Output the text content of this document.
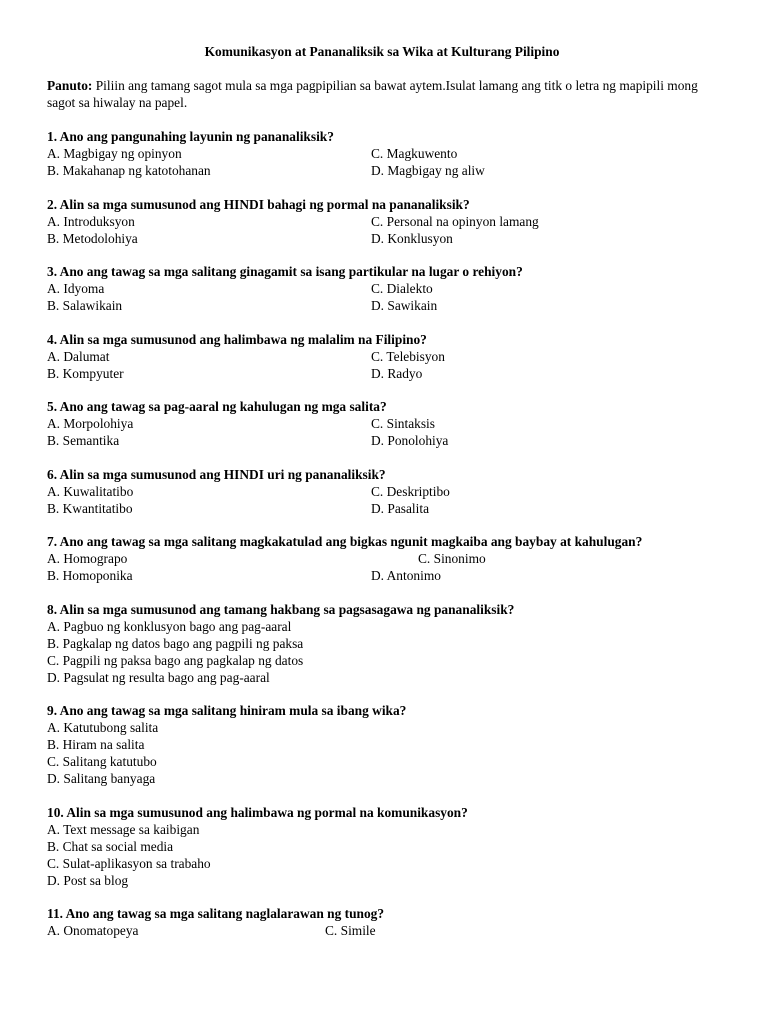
Komunikasyon at Pananaliksik sa Wika at Kulturang Pilipino
Panuto: Piliin ang tamang sagot mula sa mga pagpipilian sa bawat aytem.Isulat lamang ang titk o letra ng mapipili mong sagot sa hiwalay na papel.
1. Ano ang pangunahing layunin ng pananaliksik?
A. Magbigay ng opinyon	C. Magkuwento
B. Makahanap ng katotohanan	D. Magbigay ng aliw
2. Alin sa mga sumusunod ang HINDI bahagi ng pormal na pananaliksik?
A. Introduksyon	C. Personal na opinyon lamang
B. Metodolohiya	D. Konklusyon
3. Ano ang tawag sa mga salitang ginagamit sa isang partikular na lugar o rehiyon?
A. Idyoma	C. Dialekto
B. Salawikain	D. Sawikain
4. Alin sa mga sumusunod ang halimbawa ng malalim na Filipino?
A. Dalumat	C. Telebisyon
B. Kompyuter	D. Radyo
5. Ano ang tawag sa pag-aaral ng kahulugan ng mga salita?
A. Morpolohiya	C. Sintaksis
B. Semantika	D. Ponolohiya
6. Alin sa mga sumusunod ang HINDI uri ng pananaliksik?
A. Kuwalitatibo	C. Deskriptibo
B. Kwantitatibo	D. Pasalita
7. Ano ang tawag sa mga salitang magkakatulad ang bigkas ngunit magkaiba ang baybay at kahulugan?
A. Homograpo	C. Sinonimo
B. Homoponika	D. Antonimo
8. Alin sa mga sumusunod ang tamang hakbang sa pagsasagawa ng pananaliksik?
A. Pagbuo ng konklusyon bago ang pag-aaral
B. Pagkalap ng datos bago ang pagpili ng paksa
C. Pagpili ng paksa bago ang pagkalap ng datos
D. Pagsulat ng resulta bago ang pag-aaral
9. Ano ang tawag sa mga salitang hiniram mula sa ibang wika?
A. Katutubong salita
B. Hiram na salita
C. Salitang katutubo
D. Salitang banyaga
10. Alin sa mga sumusunod ang halimbawa ng pormal na komunikasyon?
A. Text message sa kaibigan
B. Chat sa social media
C. Sulat-aplikasyon sa trabaho
D. Post sa blog
11. Ano ang tawag sa mga salitang naglalarawan ng tunog?
A. Onomatopeya	C. Simile
